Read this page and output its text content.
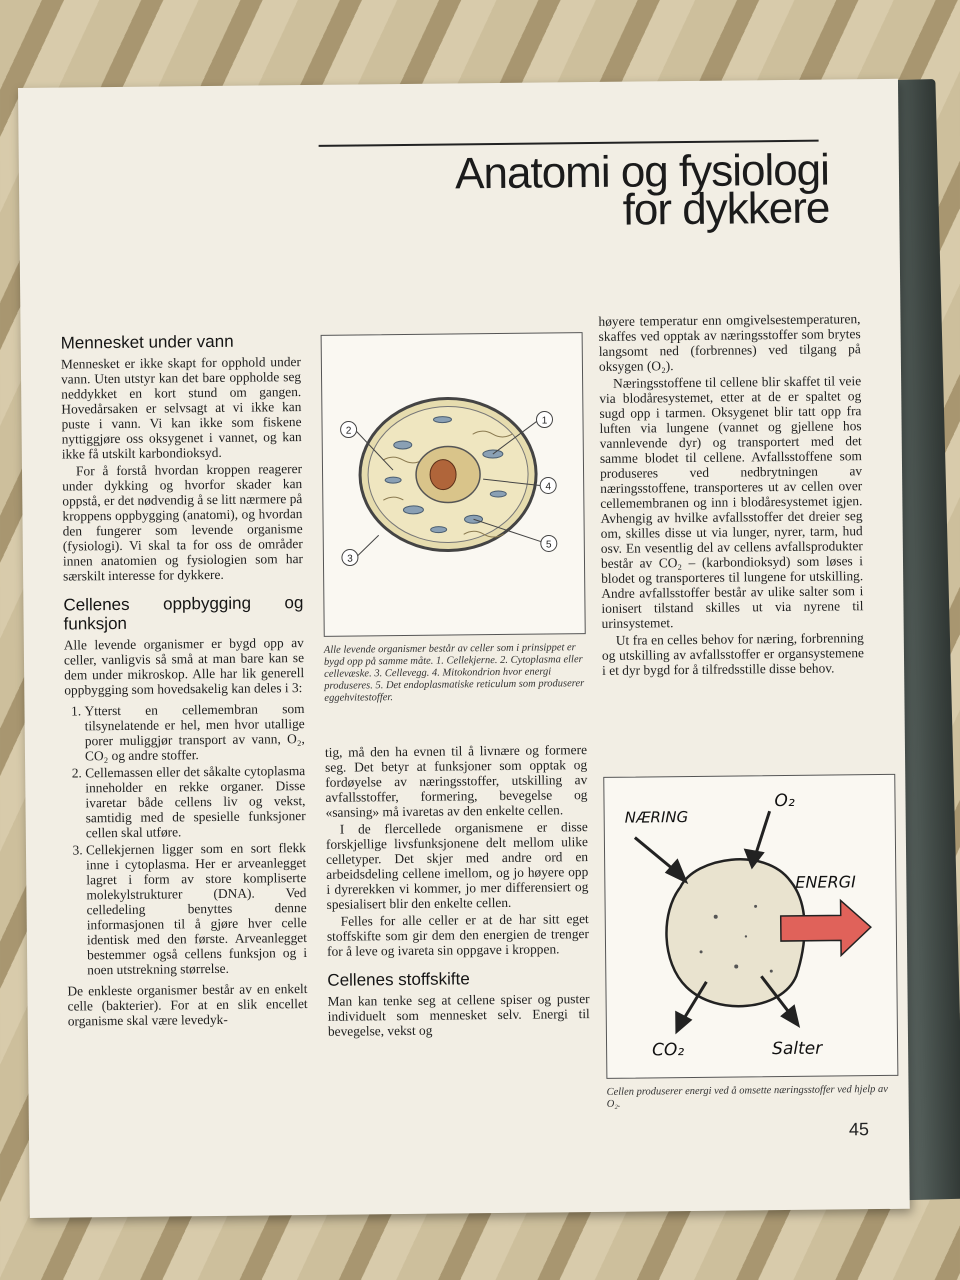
Anatomi og fysiologi
for dykkere
Mennesket under vann

Mennesket er ikke skapt for opphold under vann. Uten utstyr kan det bare oppholde seg neddykket en kort stund om gangen. Hovedårsaken er selvsagt at vi ikke kan puste i vann. Vi kan ikke som fiskene nyttiggjøre oss oksygenet i vannet, og kan ikke få utskilt karbondioksyd.

For å forstå hvordan kroppen reagerer under dykking og hvorfor skader kan oppstå, er det nødvendig å se litt nærmere på kroppens oppbygging (anatomi), og hvordan den fungerer som levende organisme (fysiologi). Vi skal ta for oss de områder innen anatomien og fysiologien som har særskilt interesse for dykkere.

Cellenes oppbygging og funksjon

Alle levende organismer er bygd opp av celler, vanligvis så små at man bare kan se dem under mikroskop. Alle har lik generell oppbygging som hovedsakelig kan deles i 3:

1. Ytterst en cellemembran som tilsynelatende er hel, men hvor utallige porer muliggjør transport av vann, O₂, CO₂ og andre stoffer.
2. Cellemassen eller det såkalte cytoplasma inneholder en rekke organer. Disse ivaretar både cellens liv og vekst, samtidig med de spesielle funksjoner cellen skal utføre.
3. Cellekjernen ligger som en sort flekk inne i cytoplasma. Her er arveanlegget lagret i form av store kompliserte molekylstrukturer (DNA). Ved celledeling benyttes denne informasjonen til å gjøre hver celle identisk med den første. Arveanlegget bestemmer også cellens funksjon og i noen utstrekning størrelse.

De enkleste organismer består av en enkelt celle (bakterier). For at en slik encellet organisme skal være levedyk-

1
2
3
4
5
Alle levende organismer består av celler som i prinsippet er bygd opp på samme måte. 1. Cellekjerne. 2. Cytoplasma eller cellevæske. 3. Cellevegg. 4. Mitokondrion hvor energi produseres. 5. Det endoplasmatiske reticulum som produserer eggehvitestoffer.

tig, må den ha evnen til å livnære og formere seg. Det betyr at funksjoner som opptak og fordøyelse av næringsstoffer, utskilling av avfallsstoffer, formering, bevegelse og «sansing» må ivaretas av den enkelte cellen.

I de flercellede organismene er disse forskjellige livsfunksjonene delt mellom ulike celletyper. Det skjer med andre ord en arbeidsdeling cellene imellom, og jo høyere opp i dyrerekken vi kommer, jo mer differensiert og spesialisert blir den enkelte cellen.

Felles for alle celler er at de har sitt eget stoffskifte som gir dem den energien de trenger for å leve og ivareta sin oppgave i kroppen.

Cellenes stoffskifte

Man kan tenke seg at cellene spiser og puster individuelt som mennesket selv. Energi til bevegelse, vekst og

høyere temperatur enn omgivelsestemperaturen, skaffes ved opptak av næringsstoffer som brytes langsomt ned (forbrennes) ved tilgang på oksygen (O₂).

Næringsstoffene til cellene blir skaffet til veie via blodåresystemet, etter at de er spaltet og sugd opp i tarmen. Oksygenet blir tatt opp fra luften via lungene (vannet og gjellene hos vannlevende dyr) og transportert med det samme blodet til cellene. Avfallsstoffene som produseres ved nedbrytningen av næringsstoffene, transporteres ut av cellen over cellemembranen og inn i blodåresystemet igjen. Avhengig av hvilke avfallsstoffer det dreier seg om, skilles disse ut via lunger, nyrer, tarm, hud osv. En vesentlig del av cellens avfallsprodukter består av CO₂ – (karbondioksyd) som løses i blodet og transporteres til lungene for utskilling. Andre avfallsstoffer består av ulike salter som i ionisert tilstand skilles ut via nyrene til urinsystemet.

Ut fra en celles behov for næring, forbrenning og utskilling av avfallsstoffer er organsystemene i et dyr bygd for å tilfredsstille disse behov.

NÆRING
O₂
ENERGI
CO₂	Salter
Cellen produserer energi ved å omsette næringsstoffer ved hjelp av O₂.
45
